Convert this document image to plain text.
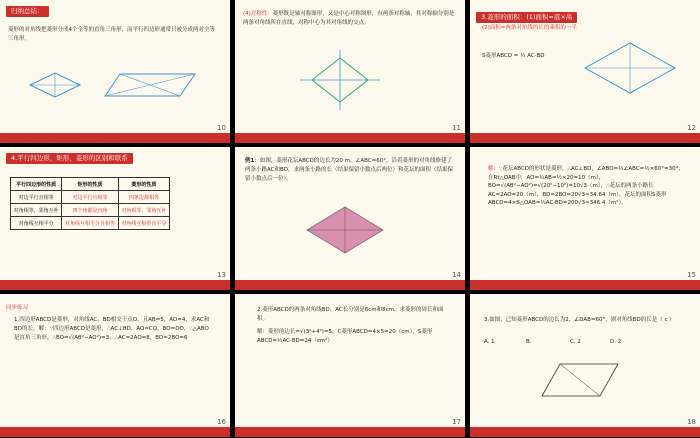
归纳总结：
菱形的对角线把菱形分成4个全等的直角三角形，而平行四边形通常只被分成两对全等三角形。
10
(4)对称性：菱形既是轴对称图形，又是中心对称图形，有两条对称轴，其对称轴分别是两条对角线所在直线，对称中心为其对角线的交点。
11
3.菱形的面积：(1)面积=底×高
(2)面积=两条对角线的长的乘积的一半
S菱形ABCD = ½ AC·BD
12
4.平行四边形，矩形，菱形的区别和联系
平行四边形的性质	矩形的性质	菱形的性质
对边平行且相等	对边平行且相等	四条边都相等
对角相等，邻角互补	四个角都是直角	对角相等，邻角互补
对角线互相平分	对角线互相平分且相等	对角线互相垂直平分
13
例1：如图，菱形花坛ABCD的边长为20 m，∠ABC=60°，沿着菱形的对角线修建了两条小路AC和BD，求两条小路的长（结果保留小数点后两位）和花坛的面积（结果保留小数点后一位）。
14
解：∵花坛ABCD的形状是菱形，∴AC⊥BD，∠ABO=½∠ABC=½×60°=30°，在Rt△OAB中，AO=½AB=½×20=10（m），BO=√(AB²−AO²)=√(20²−10²)=10√3（m），∴花坛的两条小路长AC=2AO=20（m），BD=2BO=20√3≈34.64（m），花坛的面积S菱形ABCD=4×S△OAB=½AC·BD=200√3≈346.4（m²）。
15
同步练习
1.四边形ABCD是菱形，对角线AC，BD相交于点O，且AB=5，AO=4，求AC和BD的长。解：∵四边形ABCD是菱形，∴AC⊥BD，AO=CO，BO=DO，∴△ABO是直角三角形，∴BO=√(AB²−AO²)=3，∴AC=2AO=8，BD=2BO=6
16
2.菱形ABCD的两条对角线BD、AC长分别是6cm和8cm，求菱形的周长和面积。
解：菱形的边长=√(3²+4²)=5，C菱形ABCD=4×5=20（cm），S菱形ABCD=½AC·BD=24（cm²）
17
3.如图，已知菱形ABCD的边长为2，∠DAB=60°，则对角线BD的长是（ c ）
A. 1	B.	C. 2	D. 2
18
